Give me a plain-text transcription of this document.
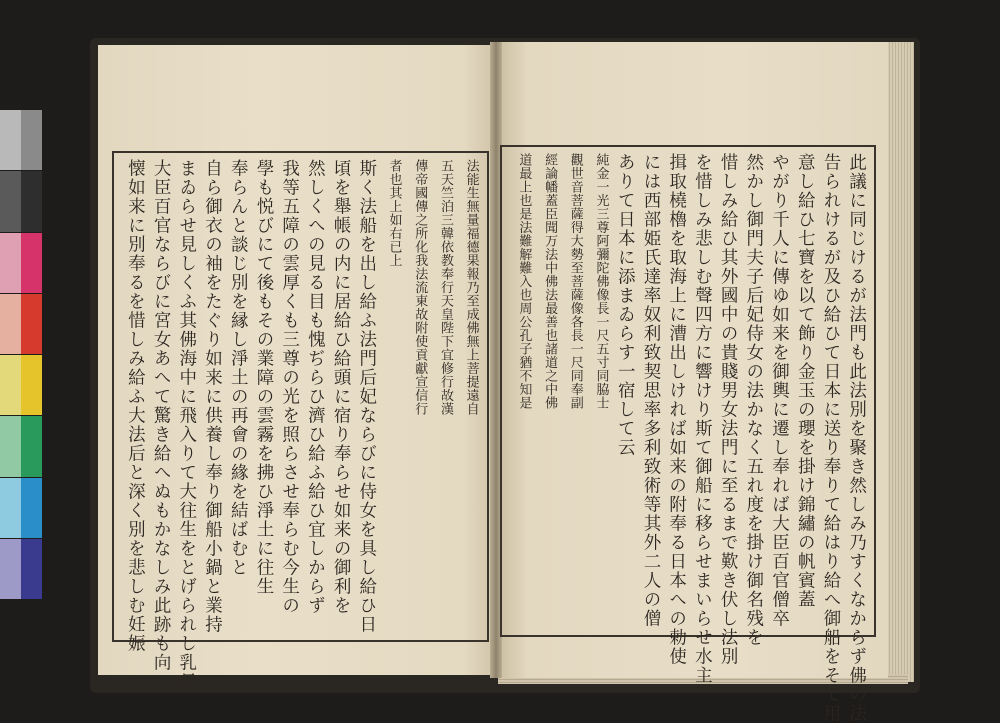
法能生無量福德果報乃至成佛無上菩提遠自
五天竺泊三韓依教奉行天皇陛下宜修行故漢
傳帝國傳之所化我法流東故附使貢獻宣信行
者也其上如右已上
斯く法船を出し給ふ法門后妃ならびに侍女を具し給ひ日
頃を舉帳の内に居給ひ給頭に宿り奉らせ如来の御利を
然しくへの見る目も愧ぢらひ濟ひ給ふ給ひ宜しからず
我等五障の雲厚くも三尊の光を照らさせ奉らむ今生の
學も悦びにて後もその業障の雲霧を拂ひ淨土に往生
奉らんと談じ別を縁し淨土の再會の緣を結ばむと
自ら御衣の袖をたぐり如来に供養し奉り御船小鍋と業持
まゐらせ見しくふ其佛海中に飛入りて大往生をとげられし乳母
大臣百官ならびに宮女あへて驚き給へぬもかなしみ此跡も向
懐如来に別奉るを惜しみ給ふ大法后と深く別を悲しむ妊娠	此議に同じけるが法門も此法別を聚き然しみ乃すくなからず佛の法
告られけるが及ひ給ひて日本に送り奉りて給はり給へ御船をそて用
意し給ひ七寶を以て飾り金玉の瓔を掛け錦繡の帆賓蓋
やがり千人に傳ゆ如来を御輿に遷し奉れば大臣百官僧卒
然かし御門夫子后妃侍女の法かなく五れ度を掛け御名残を
惜しみ給ひ其外國中の貴賤男女法門に至るまで歎き伏し法別
を惜しみ悲しむ聲四方に響けり斯て御船に移らせまいらせ水主
揖取橈櫓を取海上に漕出しければ如来の附奉る日本への勅使
には西部姫氏達率奴利致契思率多利致術等其外二人の僧
ありて日本に添まゐらす一宿して云
純金一光三尊阿彌陀佛像長一尺五寸同脇士
觀世音菩薩得大勢至菩薩像各長一尺同奉副
經論幡蓋臣聞万法中佛法最善也諸道之中佛
道最上也是法難解難入也周公孔子猶不知是
